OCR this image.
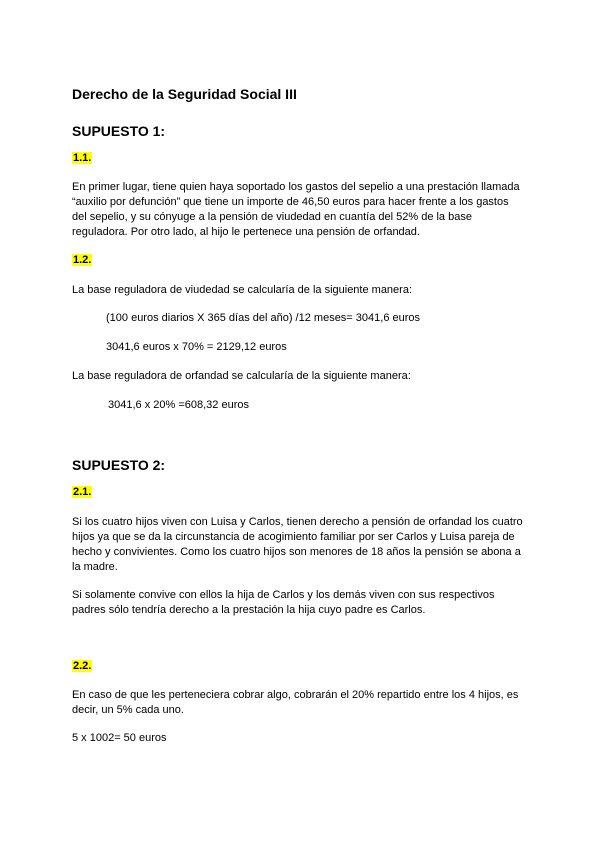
Derecho de la Seguridad Social III
SUPUESTO 1:
1.1.
En primer lugar, tiene quien haya soportado los gastos del sepelio a una prestación llamada
“auxilio por defunción” que tiene un importe de 46,50 euros para hacer frente a los gastos
del sepelio, y su cónyuge a la pensión de viudedad en cuantía del 52% de la base
reguladora. Por otro lado, al hijo le pertenece una pensión de orfandad.
1.2.
La base reguladora de viudedad se calcularía de la siguiente manera:
(100 euros diarios X 365 días del año) /12 meses= 3041,6 euros
3041,6 euros x 70% = 2129,12 euros
La base reguladora de orfandad se calcularía de la siguiente manera:
3041,6 x 20% =608,32 euros
SUPUESTO 2:
2.1.
Si los cuatro hijos viven con Luisa y Carlos, tienen derecho a pensión de orfandad los cuatro
hijos ya que se da la circunstancia de acogimiento familiar por ser Carlos y Luisa pareja de
hecho y convivientes. Como los cuatro hijos son menores de 18 años la pensión se abona a
la madre.
Si solamente convive con ellos la hija de Carlos y los demás viven con sus respectivos
padres sólo tendría derecho a la prestación la hija cuyo padre es Carlos.
2.2.
En caso de que les perteneciera cobrar algo, cobrarán el 20% repartido entre los 4 hijos, es
decir, un 5% cada uno.
5 x 1002= 50 euros
